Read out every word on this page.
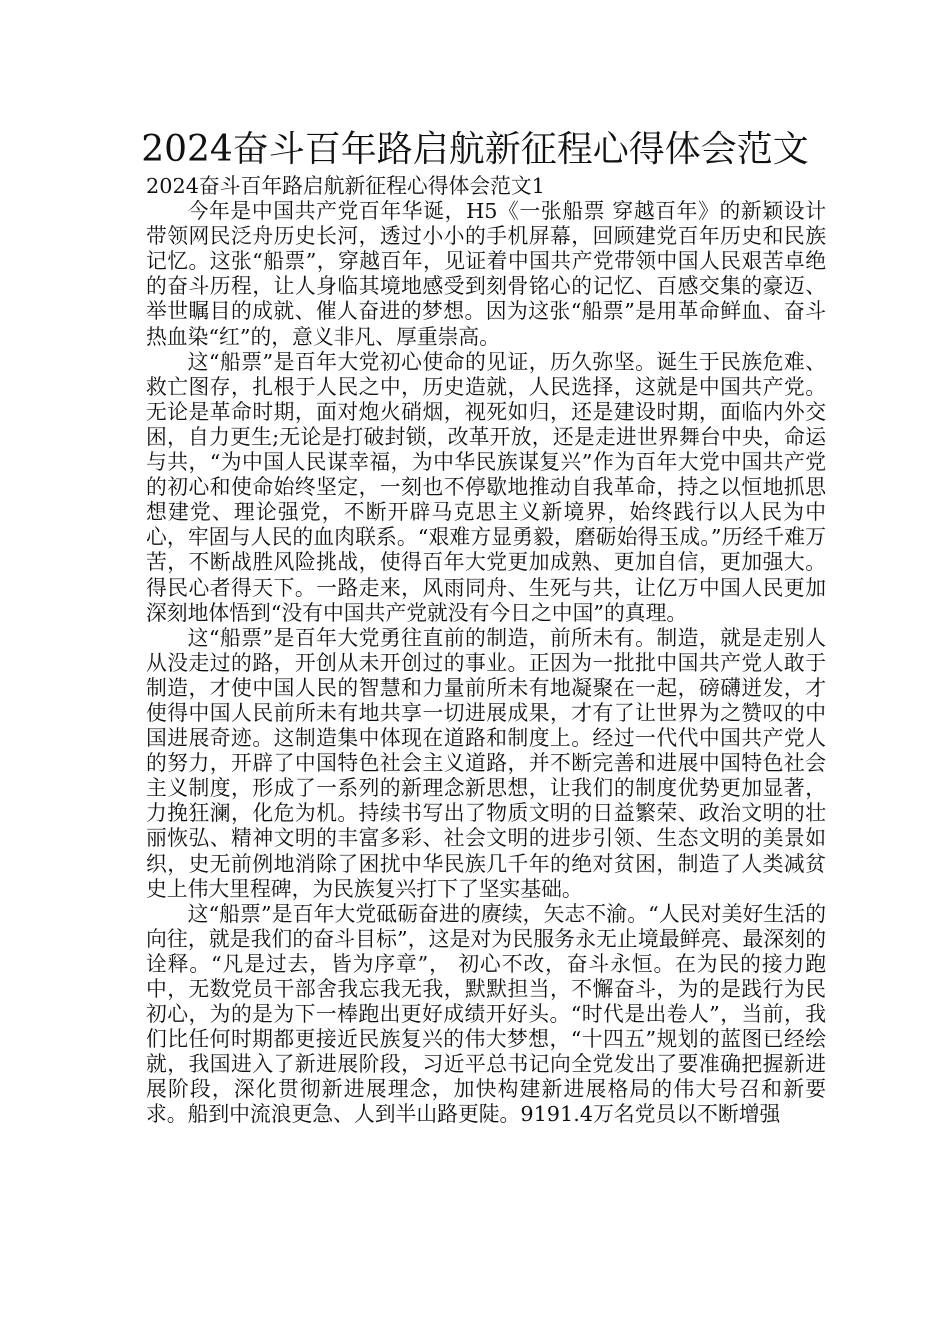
2024奋斗百年路启航新征程心得体会范文

2024奋斗百年路启航新征程心得体会范文1

今年是中国共产党百年华诞，H5《一张船票 穿越百年》的新颖设计带领网民泛舟历史长河，透过小小的手机屏幕，回顾建党百年历史和民族记忆。这张“船票”，穿越百年，见证着中国共产党带领中国人民艰苦卓绝的奋斗历程，让人身临其境地感受到刻骨铭心的记忆、百感交集的豪迈、举世瞩目的成就、催人奋进的梦想。因为这张“船票”是用革命鲜血、奋斗热血染“红”的，意义非凡、厚重崇高。

这“船票”是百年大党初心使命的见证，历久弥坚。诞生于民族危难、救亡图存，扎根于人民之中，历史造就，人民选择，这就是中国共产党。无论是革命时期，面对炮火硝烟，视死如归，还是建设时期，面临内外交困，自力更生;无论是打破封锁，改革开放，还是走进世界舞台中央，命运与共，“为中国人民谋幸福，为中华民族谋复兴”作为百年大党中国共产党的初心和使命始终坚定，一刻也不停歇地推动自我革命，持之以恒地抓思想建党、理论强党，不断开辟马克思主义新境界，始终践行以人民为中心，牢固与人民的血肉联系。“艰难方显勇毅，磨砺始得玉成。”历经千难万苦，不断战胜风险挑战，使得百年大党更加成熟、更加自信，更加强大。得民心者得天下。一路走来，风雨同舟、生死与共，让亿万中国人民更加深刻地体悟到“没有中国共产党就没有今日之中国”的真理。

这“船票”是百年大党勇往直前的制造，前所未有。制造，就是走别人从没走过的路，开创从未开创过的事业。正因为一批批中国共产党人敢于制造，才使中国人民的智慧和力量前所未有地凝聚在一起，磅礴迸发，才使得中国人民前所未有地共享一切进展成果，才有了让世界为之赞叹的中国进展奇迹。这制造集中体现在道路和制度上。经过一代代中国共产党人的努力，开辟了中国特色社会主义道路，并不断完善和进展中国特色社会主义制度，形成了一系列的新理念新思想，让我们的制度优势更加显著，力挽狂澜，化危为机。持续书写出了物质文明的日益繁荣、政治文明的壮丽恢弘、精神文明的丰富多彩、社会文明的进步引领、生态文明的美景如织，史无前例地消除了困扰中华民族几千年的绝对贫困，制造了人类减贫史上伟大里程碑，为民族复兴打下了坚实基础。

这“船票”是百年大党砥砺奋进的赓续，矢志不渝。“人民对美好生活的向往，就是我们的奋斗目标”，这是对为民服务永无止境最鲜亮、最深刻的诠释。“凡是过去，皆为序章”， 初心不改，奋斗永恒。在为民的接力跑中，无数党员干部舍我忘我无我，默默担当，不懈奋斗，为的是践行为民初心，为的是为下一棒跑出更好成绩开好头。“时代是出卷人”，当前，我们比任何时期都更接近民族复兴的伟大梦想，“十四五”规划的蓝图已经绘就，我国进入了新进展阶段，习近平总书记向全党发出了要准确把握新进展阶段，深化贯彻新进展理念，加快构建新进展格局的伟大号召和新要求。船到中流浪更急、人到半山路更陡。9191.4万名党员以不断增强
